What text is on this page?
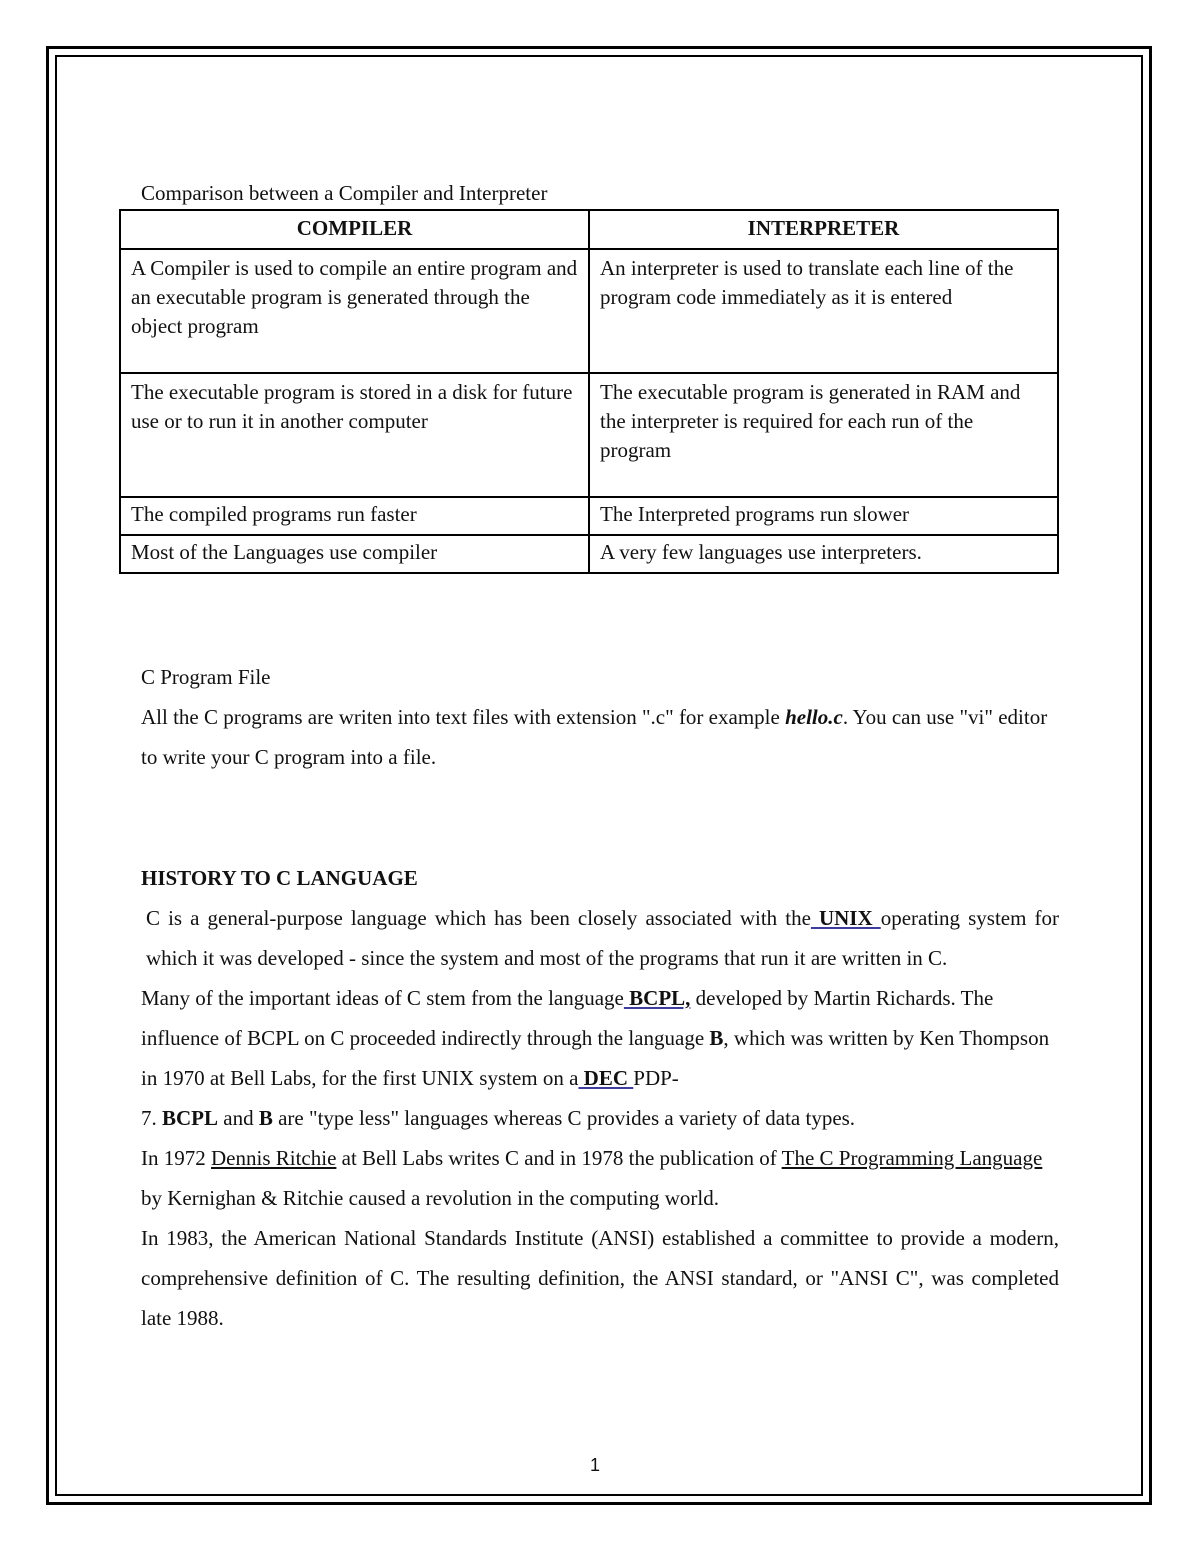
Comparison between a Compiler and Interpreter
COMPILER	INTERPRETER
A Compiler is used to compile an entire program and an executable program is generated through the object program	An interpreter is used to translate each line of the program code immediately as it is entered
The executable program is stored in a disk for future use or to run it in another computer	The executable program is generated in RAM and the interpreter is required for each run of the program
The compiled programs run faster	The Interpreted programs run slower
Most of the Languages use compiler	A very few languages use interpreters.
C Program File
All the C programs are writen into text files with extension ".c" for example hello.c. You can use "vi" editor to write your C program into a file.
HISTORY TO C LANGUAGE
C is a general-purpose language which has been closely associated with the UNIX operating system for which it was developed - since the system and most of the programs that run it are written in C.
Many of the important ideas of C stem from the language BCPL, developed by Martin Richards. The influence of BCPL on C proceeded indirectly through the language B, which was written by Ken Thompson in 1970 at Bell Labs, for the first UNIX system on a DEC PDP-
7. BCPL and B are "type less" languages whereas C provides a variety of data types.
In 1972 Dennis Ritchie at Bell Labs writes C and in 1978 the publication of The C Programming Language by Kernighan & Ritchie caused a revolution in the computing world.
In 1983, the American National Standards Institute (ANSI) established a committee to provide a modern, comprehensive definition of C. The resulting definition, the ANSI standard, or "ANSI C", was completed late 1988.
1
